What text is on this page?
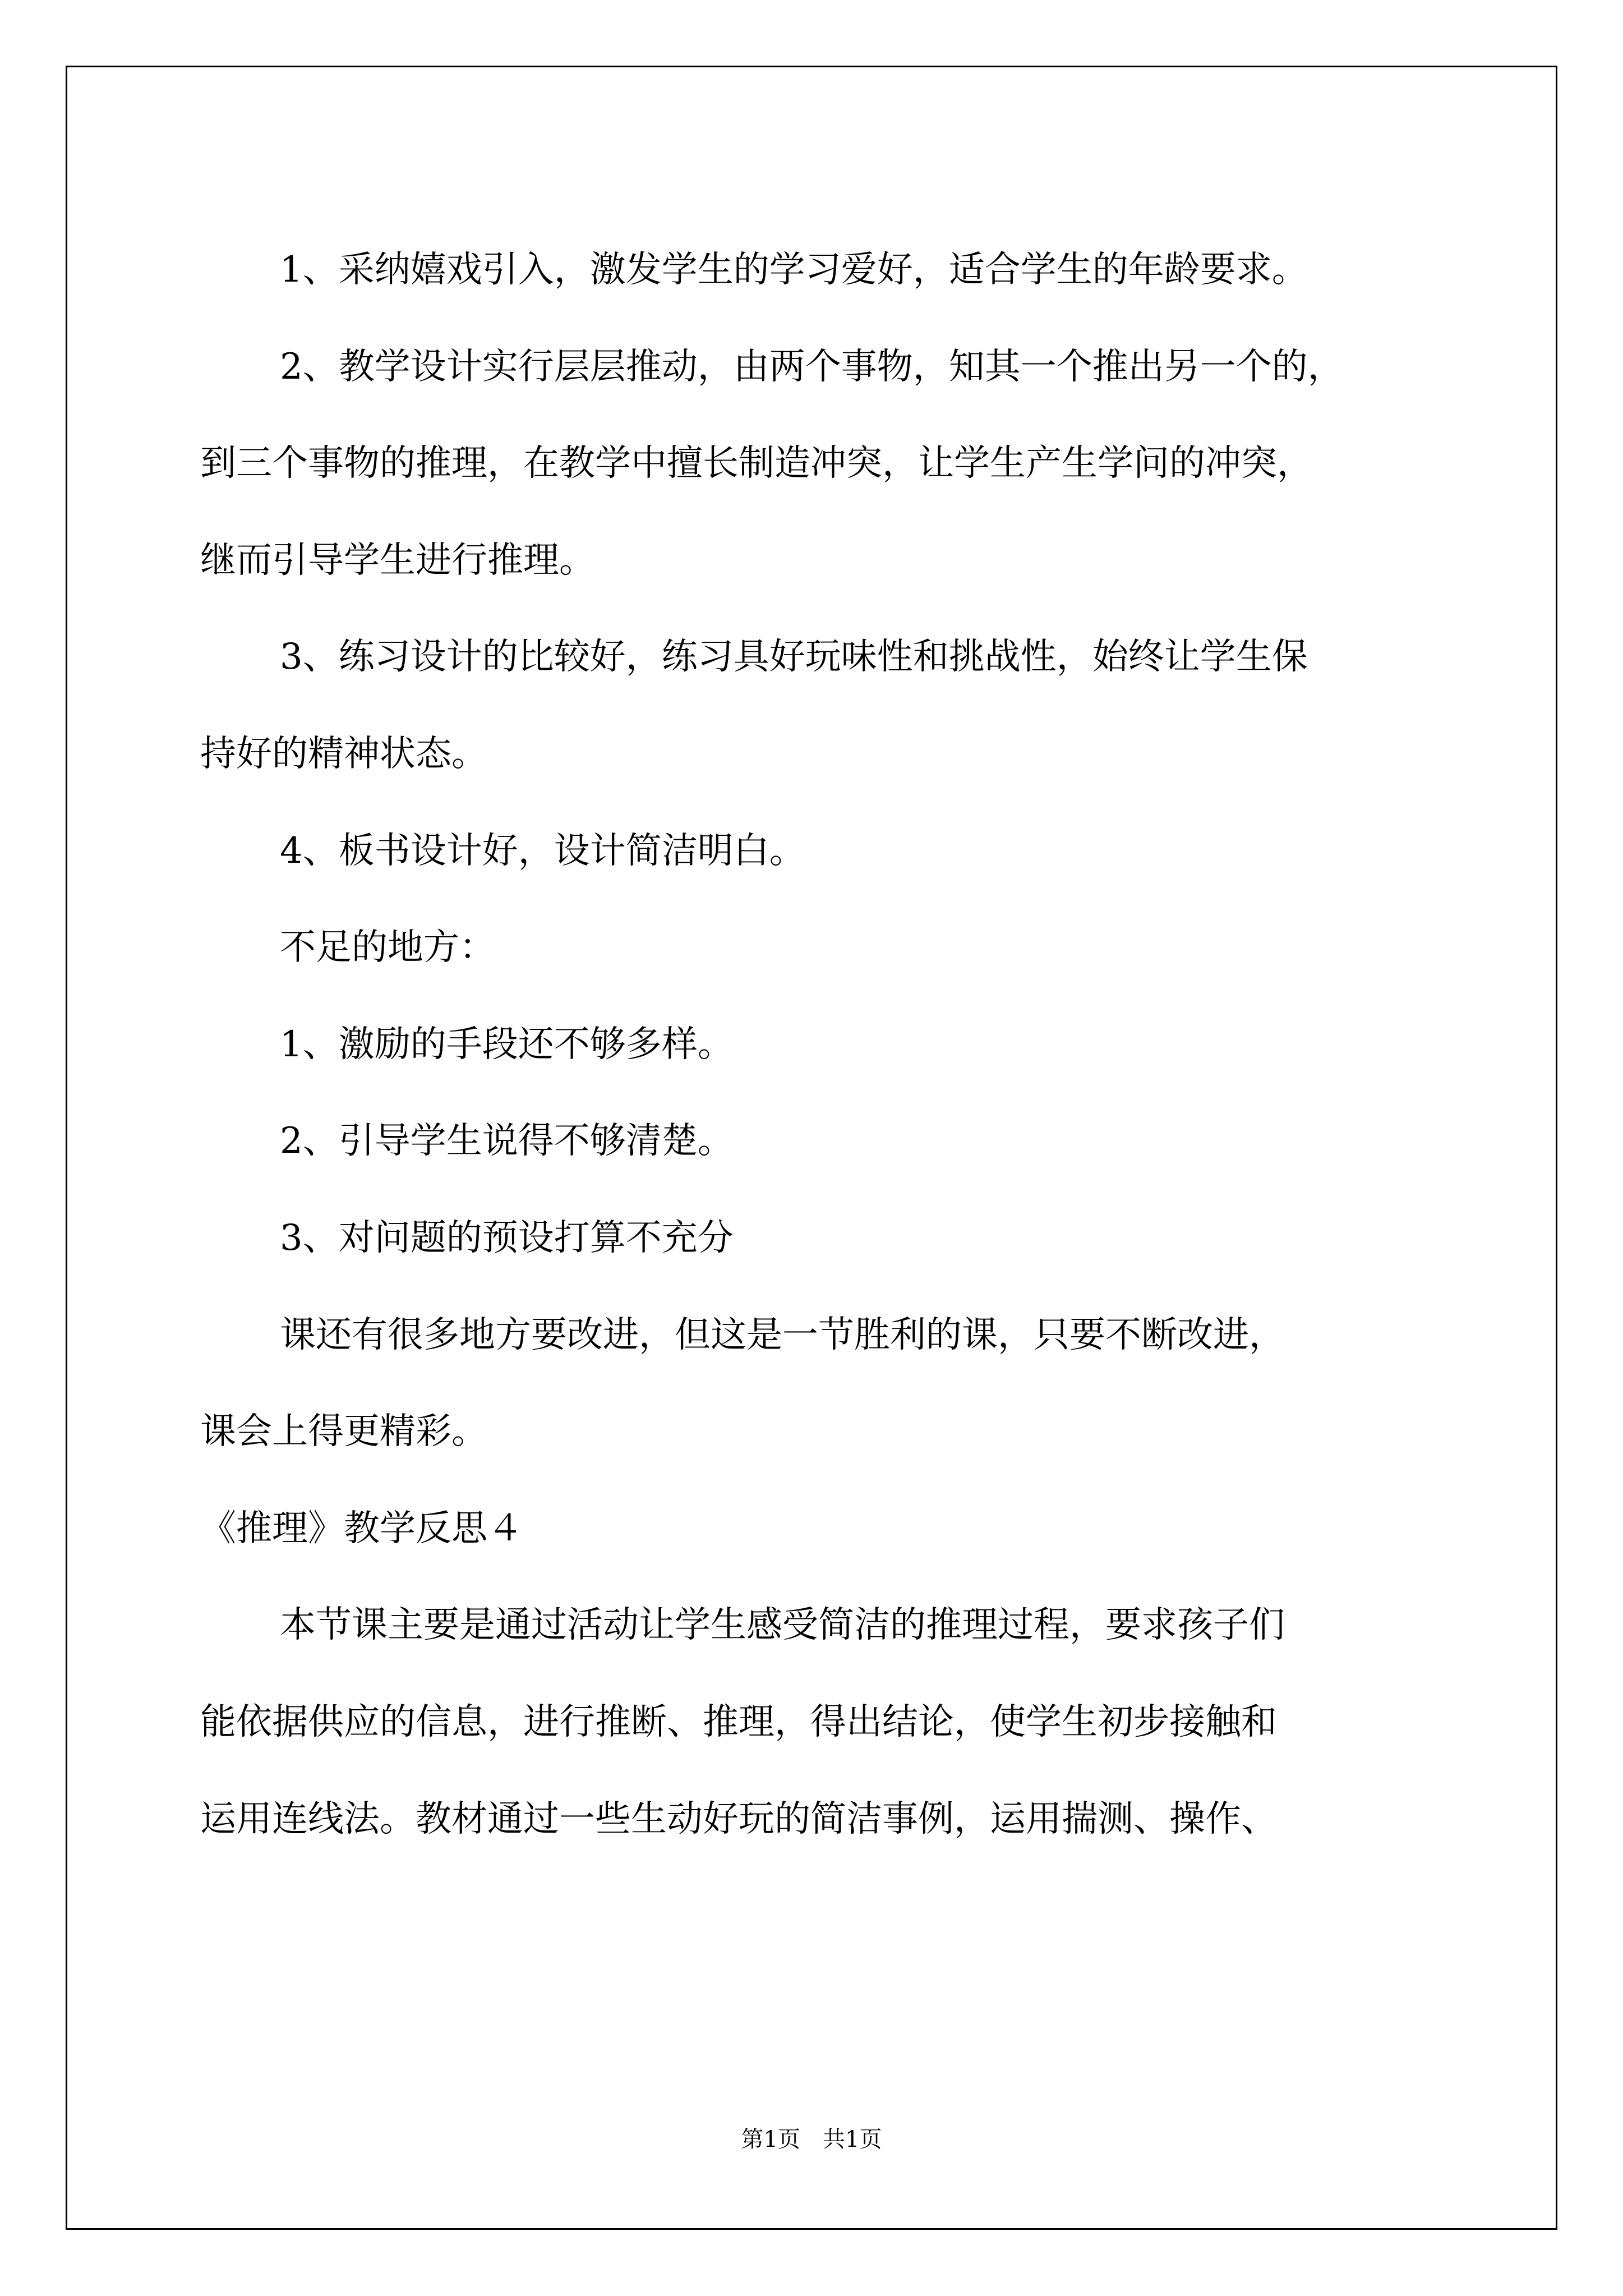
1、采纳嬉戏引入，激发学生的学习爱好，适合学生的年龄要求。
2、教学设计实行层层推动，由两个事物，知其一个推出另一个的，
到三个事物的推理，在教学中擅长制造冲突，让学生产生学问的冲突，
继而引导学生进行推理。
3、练习设计的比较好，练习具好玩味性和挑战性，始终让学生保
持好的精神状态。
4、板书设计好，设计简洁明白。
不足的地方：
1、激励的手段还不够多样。
2、引导学生说得不够清楚。
3、对问题的预设打算不充分
课还有很多地方要改进，但这是一节胜利的课，只要不断改进，
课会上得更精彩。
《推理》教学反思４
本节课主要是通过活动让学生感受简洁的推理过程，要求孩子们
能依据供应的信息，进行推断、推理，得出结论，使学生初步接触和
运用连线法。教材通过一些生动好玩的简洁事例，运用揣测、操作、
第1页　共1页
